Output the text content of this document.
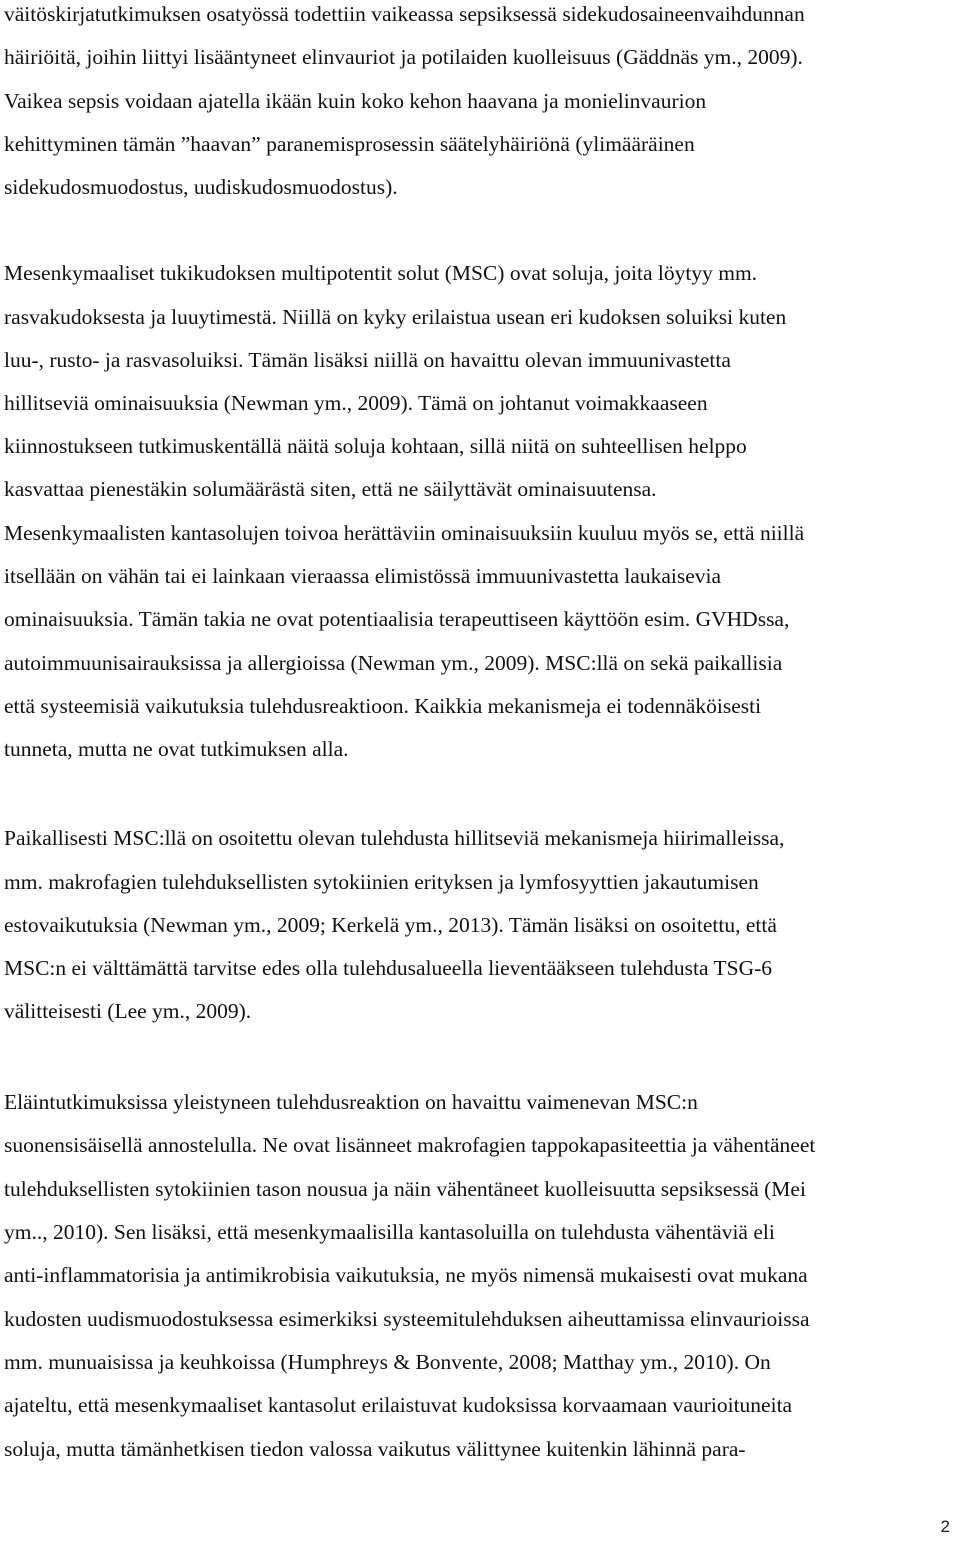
väitöskirjatutkimuksen osatyössä todettiin vaikeassa sepsiksessä sidekudosaineenvaihdunnan
häiriöitä, joihin liittyi lisääntyneet elinvauriot ja potilaiden kuolleisuus (Gäddnäs ym., 2009).
Vaikea sepsis voidaan ajatella ikään kuin koko kehon haavana ja monielinvaurion
kehittyminen tämän ”haavan” paranemisprosessin säätelyhäiriönä (ylimääräinen
sidekudosmuodostus, uudiskudosmuodostus).
Mesenkymaaliset tukikudoksen multipotentit solut (MSC) ovat soluja, joita löytyy mm.
rasvakudoksesta ja luuytimestä. Niillä on kyky erilaistua usean eri kudoksen soluiksi kuten
luu-, rusto- ja rasvasoluiksi. Tämän lisäksi niillä on havaittu olevan immuunivastetta
hillitseviä ominaisuuksia (Newman ym., 2009). Tämä on johtanut voimakkaaseen
kiinnostukseen tutkimuskentällä näitä soluja kohtaan, sillä niitä on suhteellisen helppo
kasvattaa pienestäkin solumäärästä siten, että ne säilyttävät ominaisuutensa.
Mesenkymaalisten kantasolujen toivoa herättäviin ominaisuuksiin kuuluu myös se, että niillä
itsellään on vähän tai ei lainkaan vieraassa elimistössä immuunivastetta laukaisevia
ominaisuuksia. Tämän takia ne ovat potentiaalisia terapeuttiseen käyttöön esim. GVHDssa,
autoimmuunisairauksissa ja allergioissa (Newman ym., 2009). MSC:llä on sekä paikallisia
että systeemisiä vaikutuksia tulehdusreaktioon. Kaikkia mekanismeja ei todennäköisesti
tunneta, mutta ne ovat tutkimuksen alla.
Paikallisesti MSC:llä on osoitettu olevan tulehdusta hillitseviä mekanismeja hiirimalleissa,
mm. makrofagien tulehduksellisten sytokiinien erityksen ja lymfosyyttien jakautumisen
estovaikutuksia (Newman ym., 2009; Kerkelä ym., 2013). Tämän lisäksi on osoitettu, että
MSC:n ei välttämättä tarvitse edes olla tulehdusalueella lieventääkseen tulehdusta TSG-6
välitteisesti (Lee ym., 2009).
Eläintutkimuksissa yleistyneen tulehdusreaktion on havaittu vaimenevan MSC:n
suonensisäisellä annostelulla. Ne ovat lisänneet makrofagien tappokapasiteettia ja vähentäneet
tulehduksellisten sytokiinien tason nousua ja näin vähentäneet kuolleisuutta sepsiksessä (Mei
ym.., 2010). Sen lisäksi, että mesenkymaalisilla kantasoluilla on tulehdusta vähentäviä eli
anti-inflammatorisia ja antimikrobisia vaikutuksia, ne myös nimensä mukaisesti ovat mukana
kudosten uudismuodostuksessa esimerkiksi systeemitulehduksen aiheuttamissa elinvaurioissa
mm. munuaisissa ja keuhkoissa (Humphreys & Bonvente, 2008; Matthay ym., 2010). On
ajateltu, että mesenkymaaliset kantasolut erilaistuvat kudoksissa korvaamaan vaurioituneita
soluja, mutta tämänhetkisen tiedon valossa vaikutus välittynee kuitenkin lähinnä para-
2
